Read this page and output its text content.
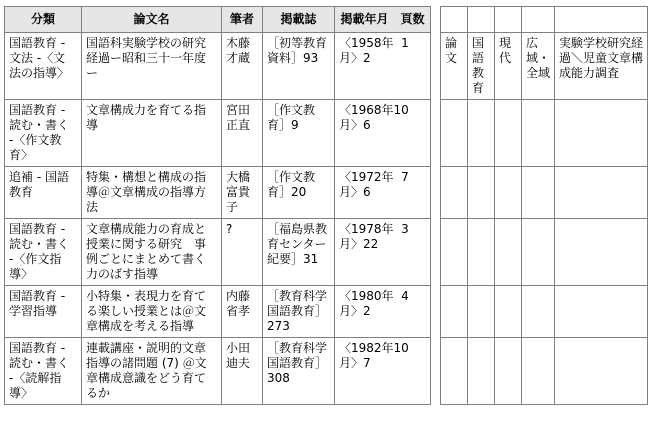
分類	論文名	筆者	掲載誌	掲載年月　頁数						
国語教育 - 文法 -〈文法の指導〉	国語科実験学校の研究経過ー昭和三十一年度ー	木藤才蔵	［初等教育資料］93	〈1958年  1月〉2		論文	国語教育	現代	広域・全域	実験学校研究経過＼児童文章構成能力調査
国語教育 - 読む・書く -〈作文教育〉	文章構成力を育てる指導	宮田正直	［作文教育］9	〈1968年10月〉6						
追補 - 国語教育	特集・構想と構成の指導＠文章構成の指導方法	大橋富貴子	［作文教育］20	〈1972年  7月〉6						
国語教育 - 読む・書く -〈作文指導〉	文章構成能力の育成と授業に関する研究　事例ごとにまとめて書く力のばす指導	?	［福島県教育センター紀要］31	〈1978年  3月〉22						
国語教育 - 学習指導	小特集・表現力を育てる楽しい授業とは＠文章構成を考える指導	内藤省孝	［教育科学国語教育］273	〈1980年  4月〉2						
国語教育 - 読む・書く -〈読解指導〉	連載講座・説明的文章指導の諸問題 (7) ＠文章構成意識をどう育てるか	小田迪夫	［教育科学国語教育］308	〈1982年10月〉7						
